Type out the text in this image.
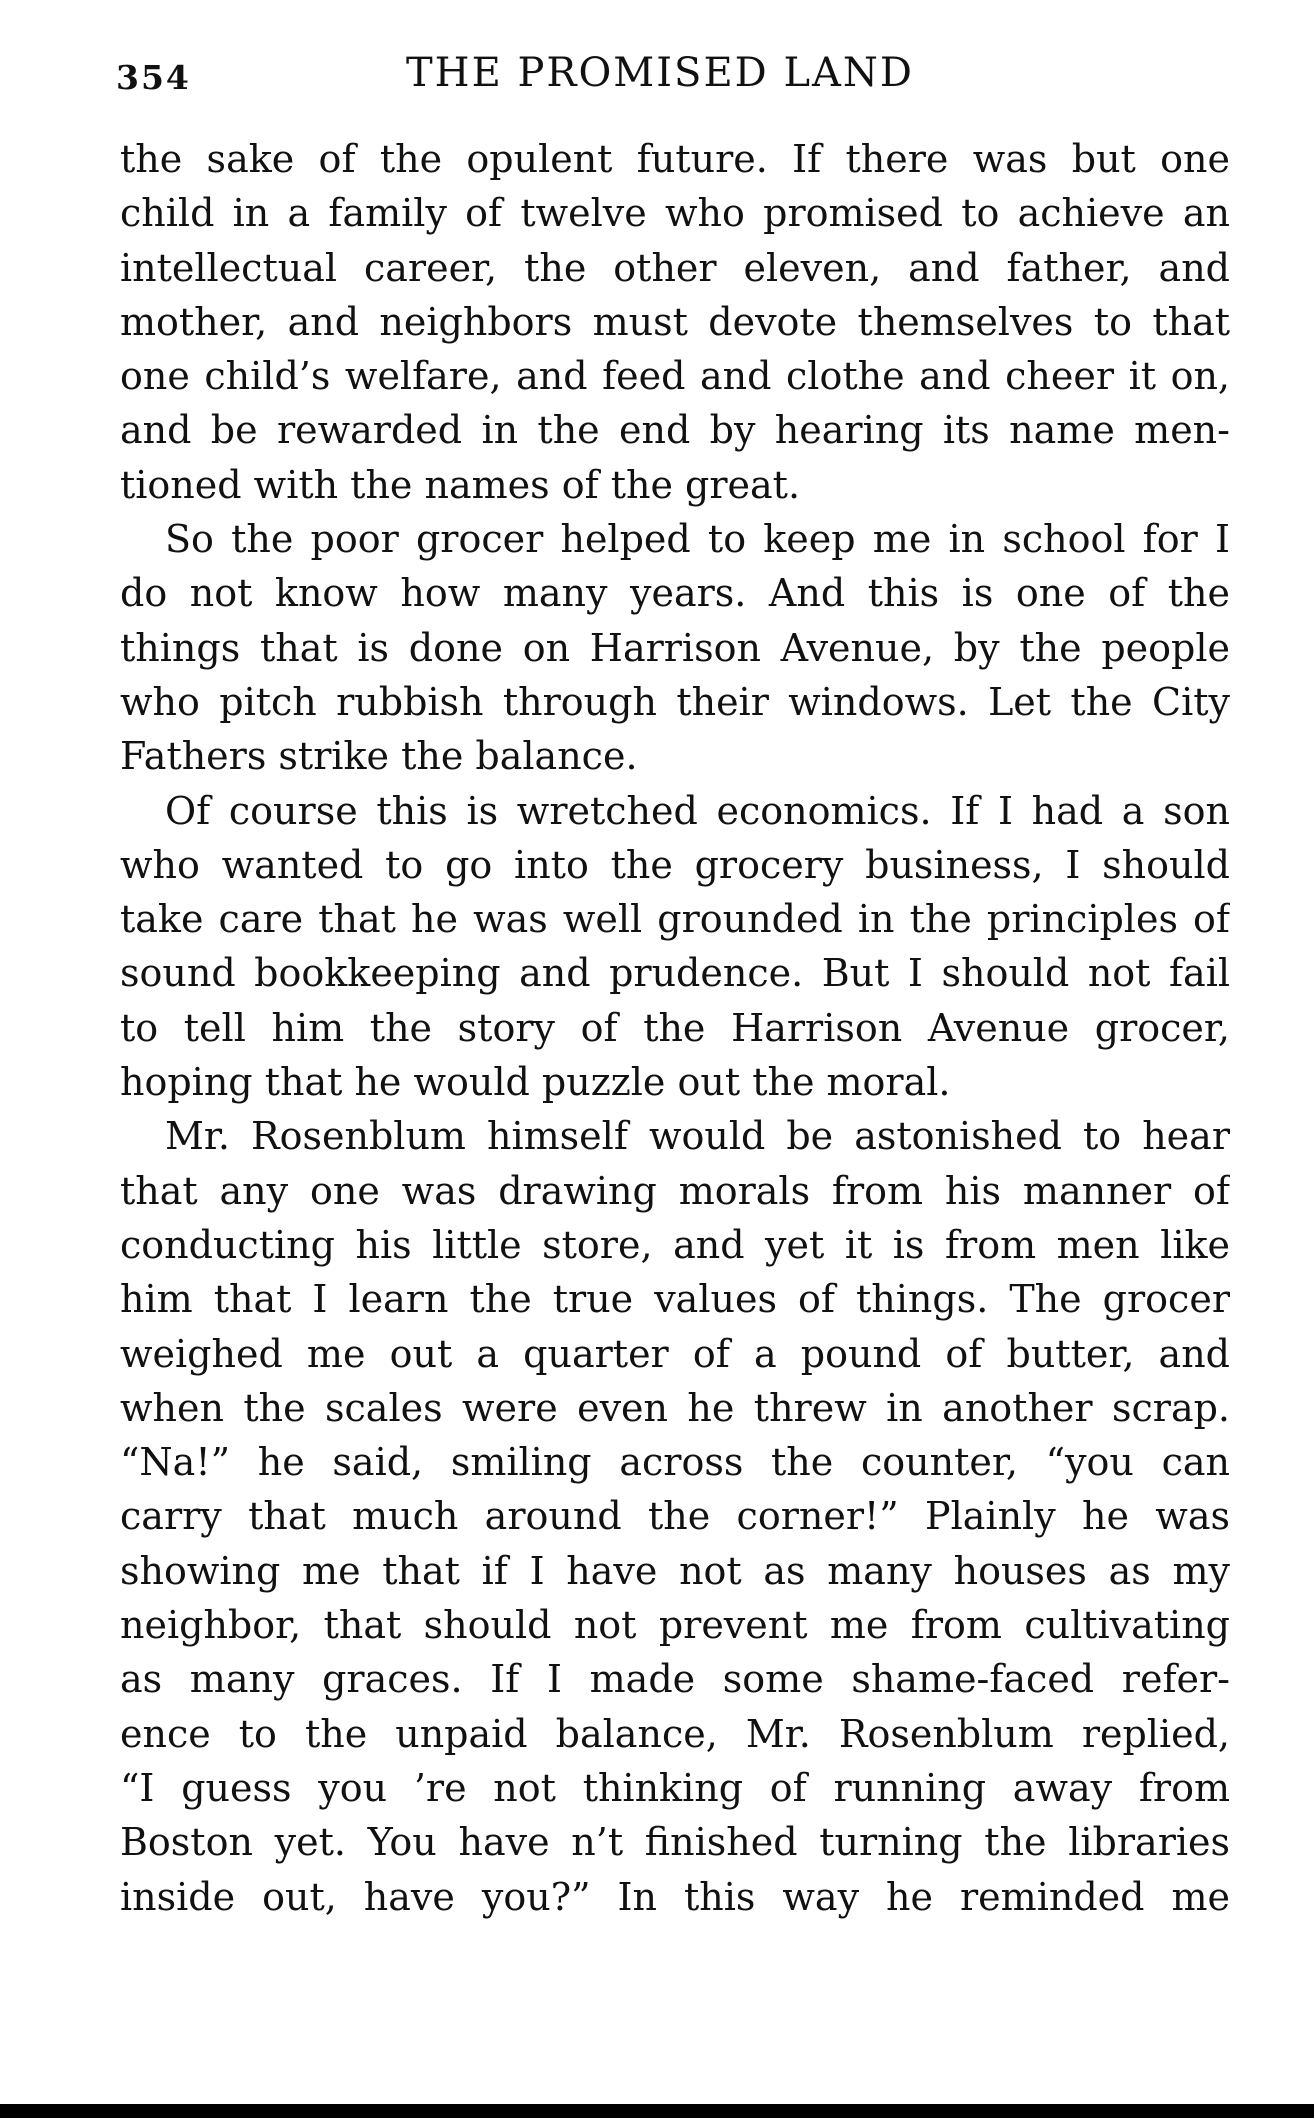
354	THE PROMISED LAND
the sake of the opulent future. If there was but one
child in a family of twelve who promised to achieve an
intellectual career, the other eleven, and father, and
mother, and neighbors must devote themselves to that
one child’s welfare, and feed and clothe and cheer it on,
and be rewarded in the end by hearing its name men-
tioned with the names of the great.
So the poor grocer helped to keep me in school for I
do not know how many years. And this is one of the
things that is done on Harrison Avenue, by the people
who pitch rubbish through their windows. Let the City
Fathers strike the balance.
Of course this is wretched economics. If I had a son
who wanted to go into the grocery business, I should
take care that he was well grounded in the principles of
sound bookkeeping and prudence. But I should not fail
to tell him the story of the Harrison Avenue grocer,
hoping that he would puzzle out the moral.
Mr. Rosenblum himself would be astonished to hear
that any one was drawing morals from his manner of
conducting his little store, and yet it is from men like
him that I learn the true values of things. The grocer
weighed me out a quarter of a pound of butter, and
when the scales were even he threw in another scrap.
“Na!” he said, smiling across the counter, “you can
carry that much around the corner!” Plainly he was
showing me that if I have not as many houses as my
neighbor, that should not prevent me from cultivating
as many graces. If I made some shame-faced refer-
ence to the unpaid balance, Mr. Rosenblum replied,
“I guess you ’re not thinking of running away from
Boston yet. You have n’t finished turning the libraries
inside out, have you?” In this way he reminded me
